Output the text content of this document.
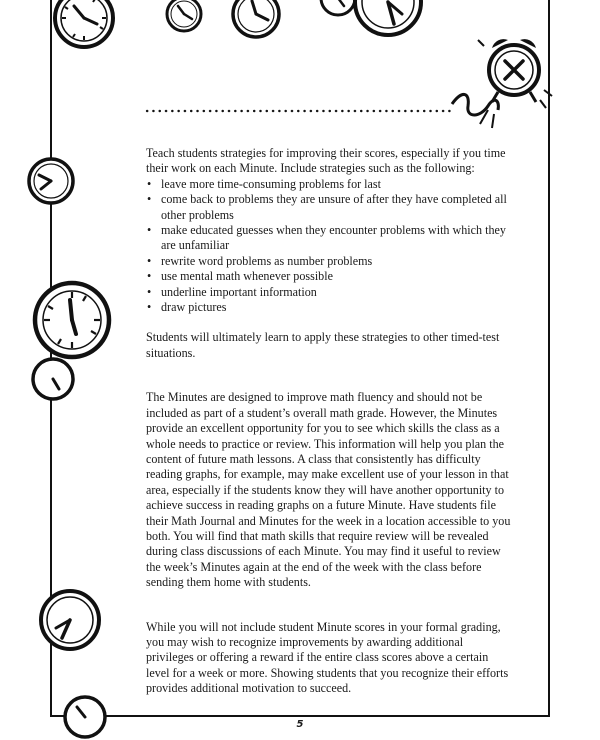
Teach students strategies for improving their scores, especially if you time their work on each Minute. Include strategies such as the following:

• leave more time-consuming problems for last
• come back to problems they are unsure of after they have completed all other problems
• make educated guesses when they encounter problems with which they are unfamiliar
• rewrite word problems as number problems
• use mental math whenever possible
• underline important information
• draw pictures

Students will ultimately learn to apply these strategies to other timed-test situations.

The Minutes are designed to improve math fluency and should not be included as part of a student’s overall math grade. However, the Minutes provide an excellent opportunity for you to see which skills the class as a whole needs to practice or review. This information will help you plan the content of future math lessons. A class that consistently has difficulty reading graphs, for example, may make excellent use of your lesson in that area, especially if the students know they will have another opportunity to achieve success in reading graphs on a future Minute. Have students file their Math Journal and Minutes for the week in a location accessible to you both. You will find that math skills that require review will be revealed during class discussions of each Minute. You may find it useful to review the week’s Minutes again at the end of the week with the class before sending them home with students.

While you will not include student Minute scores in your formal grading, you may wish to recognize improvements by awarding additional privileges or offering a reward if the entire class scores above a certain level for a week or more. Showing students that you recognize their efforts provides additional motivation to succeed.

5
